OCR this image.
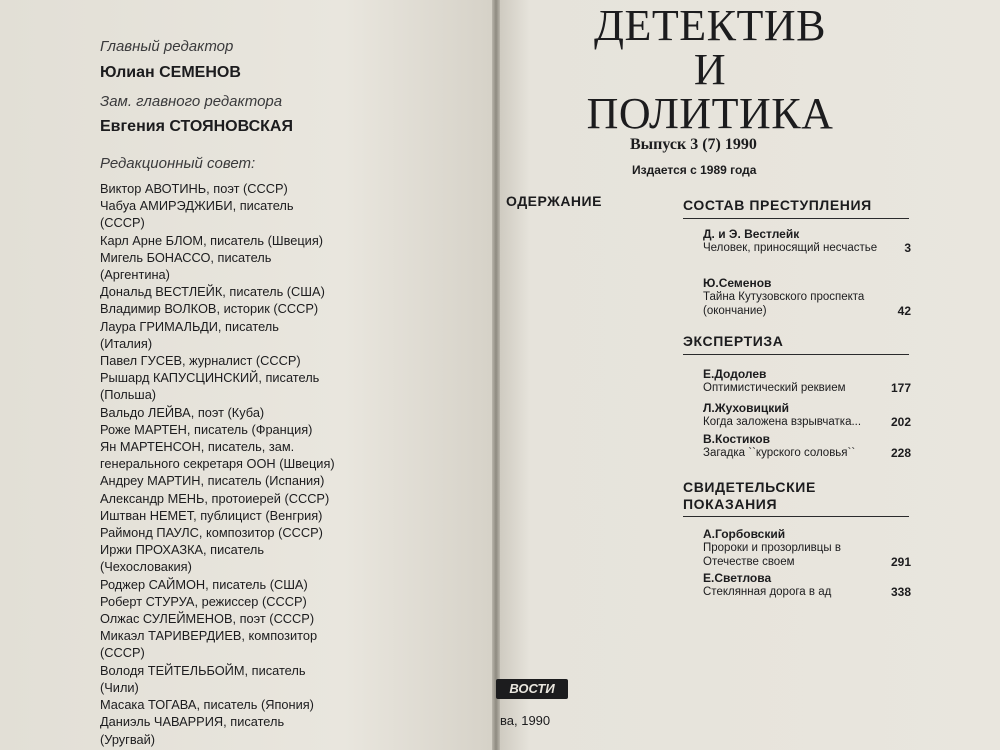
Главный редактор
Юлиан СЕМЕНОВ
Зам. главного редактора
Евгения СТОЯНОВСКАЯ
Редакционный совет:
Виктор АВОТИНЬ, поэт (СССР)
Чабуа АМИРЭДЖИБИ, писатель
(СССР)
Карл Арне БЛОМ, писатель (Швеция)
Мигель БОНАССО, писатель
(Аргентина)
Дональд ВЕСТЛЕЙК, писатель (США)
Владимир ВОЛКОВ, историк (СССР)
Лаура ГРИМАЛЬДИ, писатель
(Италия)
Павел ГУСЕВ, журналист (СССР)
Рышард КАПУСЦИНСКИЙ, писатель
(Польша)
Вальдо ЛЕЙВА, поэт (Куба)
Роже МАРТЕН, писатель (Франция)
Ян МАРТЕНСОН, писатель, зам.
генерального секретаря ООН (Швеция)
Андреу МАРТИН, писатель (Испания)
Александр МЕНЬ, протоиерей (СССР)
Иштван НЕМЕТ, публицист (Венгрия)
Раймонд ПАУЛС, композитор (СССР)
Иржи ПРОХАЗКА, писатель
(Чехословакия)
Роджер САЙМОН, писатель (США)
Роберт СТУРУА, режиссер (СССР)
Олжас СУЛЕЙМЕНОВ, поэт (СССР)
Микаэл ТАРИВЕРДИЕВ, композитор
(СССР)
Володя ТЕЙТЕЛЬБОЙМ, писатель
(Чили)
Масака ТОГАВА, писатель (Япония)
Даниэль ЧАВАРРИЯ, писатель
(Уругвай)
ДЕТЕКТИВ
И
ПОЛИТИКА
Выпуск 3 (7) 1990
Издается с 1989 года
ОДЕРЖАНИЕ	СОСТАВ ПРЕСТУПЛЕНИЯ
Д. и Э. Вестлейк
Человек, приносящий несчастье 3
Ю.Семенов
Тайна Кутузовского проспекта (окончание)	42
ЭКСПЕРТИЗА
Е.Додолев
Оптимистический реквием	177
Л.Жуховицкий
Когда заложена взрывчатка...	202
В.Костиков
Загадка ``курского соловья``	228
СВИДЕТЕЛЬСКИЕ
ПОКАЗАНИЯ
А.Горбовский
Пророки и прозорливцы в Отечестве своем	291
Е.Светлова
Стеклянная дорога в ад	338
ВОСТИ
ва, 1990
